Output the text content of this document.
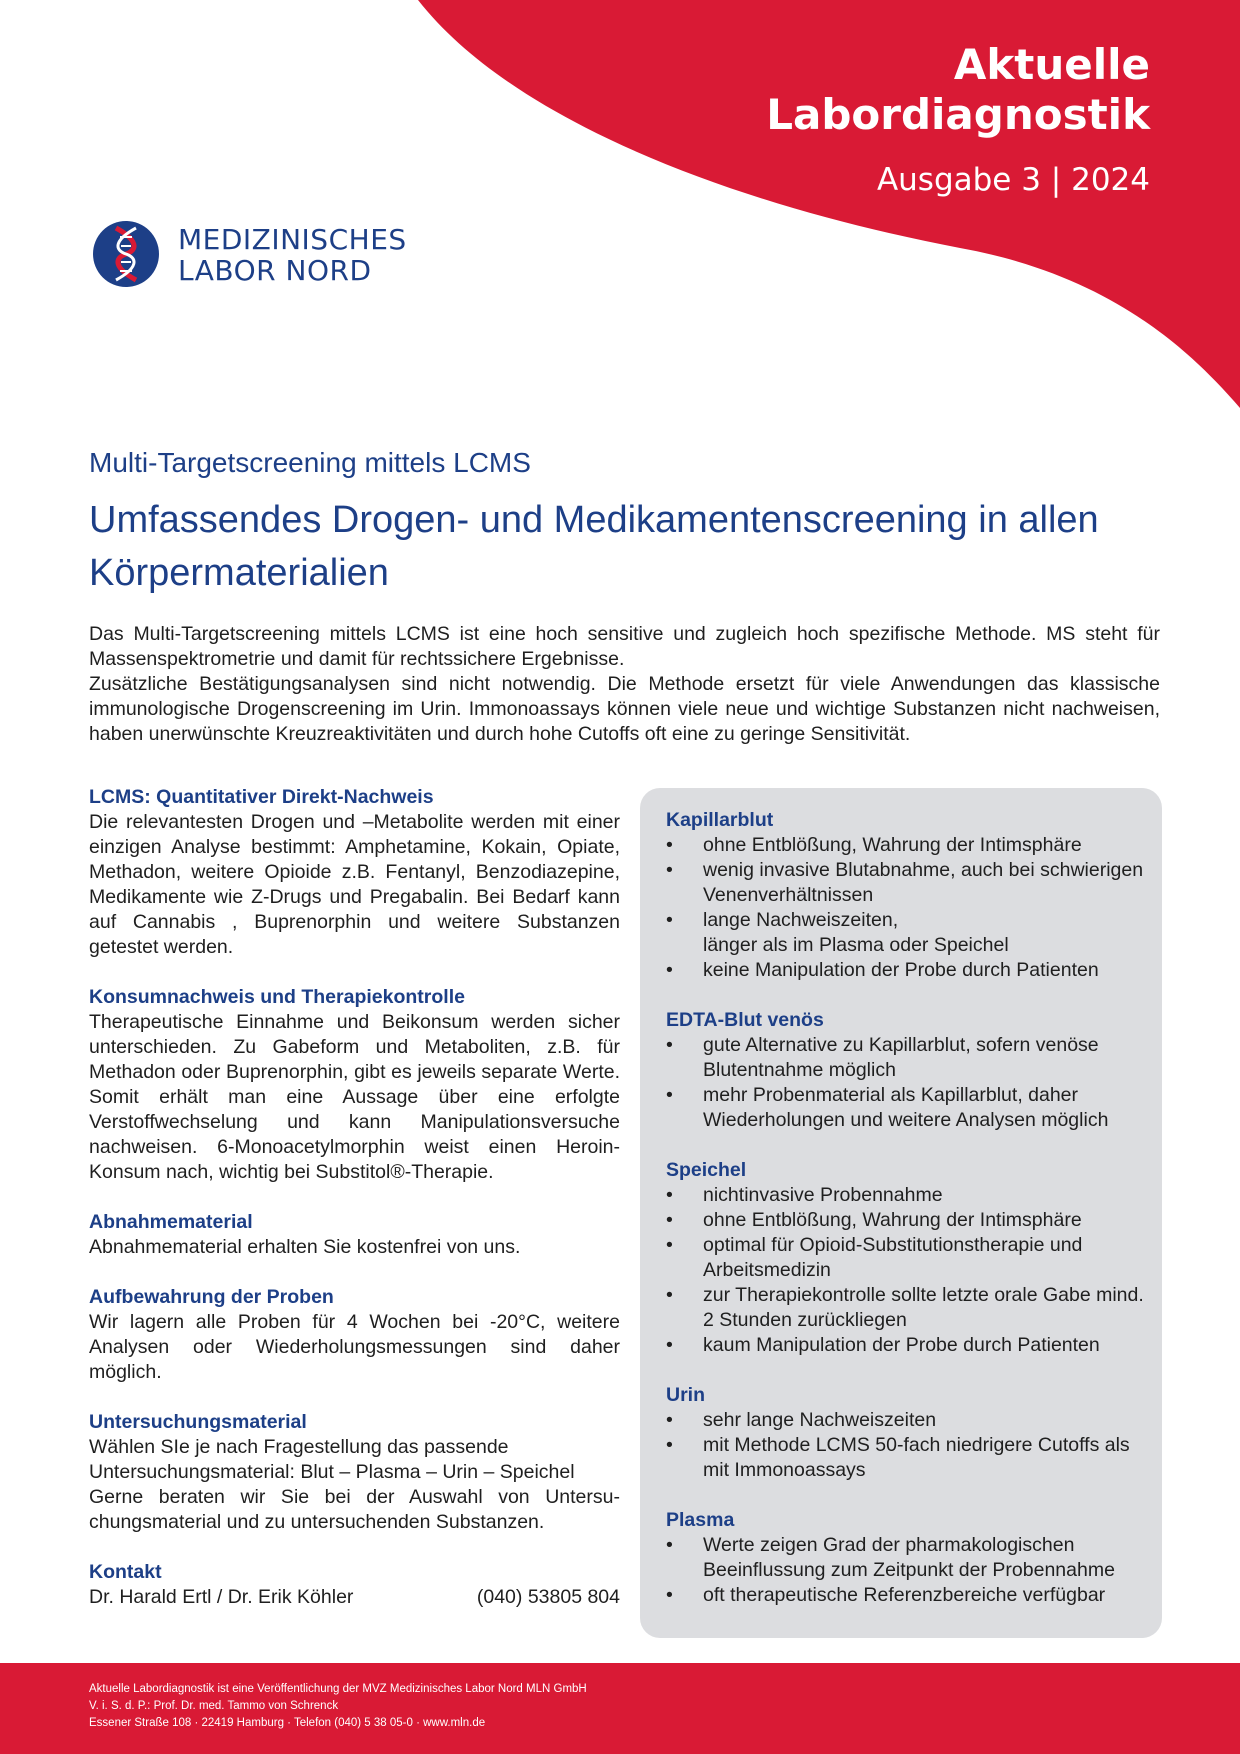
Aktuelle
Labordiagnostik
Ausgabe 3 | 2024
MEDIZINISCHES
LABOR NORD
Multi-Targetscreening mittels LCMS
Umfassendes Drogen- und Medikamentenscreening in allen Körpermaterialien

Das Multi-Targetscreening mittels LCMS ist eine hoch sensitive und zugleich hoch spezifische Methode. MS steht für Massenspektrometrie und damit für rechtssichere Ergebnisse.

Zusätzliche Bestätigungsanalysen sind nicht notwendig. Die Methode ersetzt für viele Anwendungen das klassische immunologische Drogenscreening im Urin. Immonoassays können viele neue und wichtige Substanzen nicht nachweisen, haben unerwünschte Kreuzreaktivitäten und durch hohe Cutoffs oft eine zu geringe Sensitivität.

LCMS: Quantitativer Direkt-Nachweis

Die relevantesten Drogen und –Metabolite werden mit einer einzigen Analyse bestimmt: Amphetamine, Kokain, Opiate, Methadon, weitere Opioide z.B. Fentanyl, Benzodiazepine, Medikamente wie Z-Drugs und Pregabalin. Bei Bedarf kann auf Cannabis , Buprenorphin und weitere Substanzen getestet werden.

Konsumnachweis und Therapiekontrolle

Therapeutische Einnahme und Beikonsum werden sicher unterschieden. Zu Gabeform und Metaboliten, z.B. für Methadon oder Buprenorphin, gibt es jeweils separate Werte. Somit erhält man eine Aussage über eine erfolgte Verstoffwechselung und kann Manipulationsversuche nachweisen. 6-Monoacetylmorphin weist einen Heroin-Konsum nach, wichtig bei Substitol®-Therapie.

Abnahmematerial

Abnahmematerial erhalten Sie kostenfrei von uns.

Aufbewahrung der Proben

Wir lagern alle Proben für 4 Wochen bei -20°C, weitere Analysen oder Wiederholungsmessungen sind daher möglich.

Untersuchungsmaterial

Wählen SIe je nach Fragestellung das passende Untersuchungsmaterial: Blut – Plasma – Urin – Speichel

Gerne beraten wir Sie bei der Auswahl von Untersu-chungsmaterial und zu untersuchenden Substanzen.

Kontakt
Dr. Harald Ertl / Dr. Erik Köhler	(040) 53805 804
Kapillarblut
• ohne Entblößung, Wahrung der Intimsphäre
• wenig invasive Blutabnahme, auch bei schwierigen Venenverhältnissen
• lange Nachweiszeiten,
länger als im Plasma oder Speichel
• keine Manipulation der Probe durch Patienten
EDTA-Blut venös
• gute Alternative zu Kapillarblut, sofern venöse Blutentnahme möglich
• mehr Probenmaterial als Kapillarblut, daher Wiederholungen und weitere Analysen möglich
Speichel
• nichtinvasive Probennahme
• ohne Entblößung, Wahrung der Intimsphäre
• optimal für Opioid-Substitutionstherapie und Arbeitsmedizin
• zur Therapiekontrolle sollte letzte orale Gabe mind. 2 Stunden zurückliegen
• kaum Manipulation der Probe durch Patienten
Urin
• sehr lange Nachweiszeiten
• mit Methode LCMS 50-fach niedrigere Cutoffs als mit Immonoassays
Plasma
• Werte zeigen Grad der pharmakologischen Beeinflussung zum Zeitpunkt der Probennahme
• oft therapeutische Referenzbereiche verfügbar
Aktuelle Labordiagnostik ist eine Veröffentlichung der MVZ Medizinisches Labor Nord MLN GmbH
V. i. S. d. P.: Prof. Dr. med. Tammo von Schrenck
Essener Straße 108 · 22419 Hamburg · Telefon (040) 5 38 05-0 · www.mln.de
